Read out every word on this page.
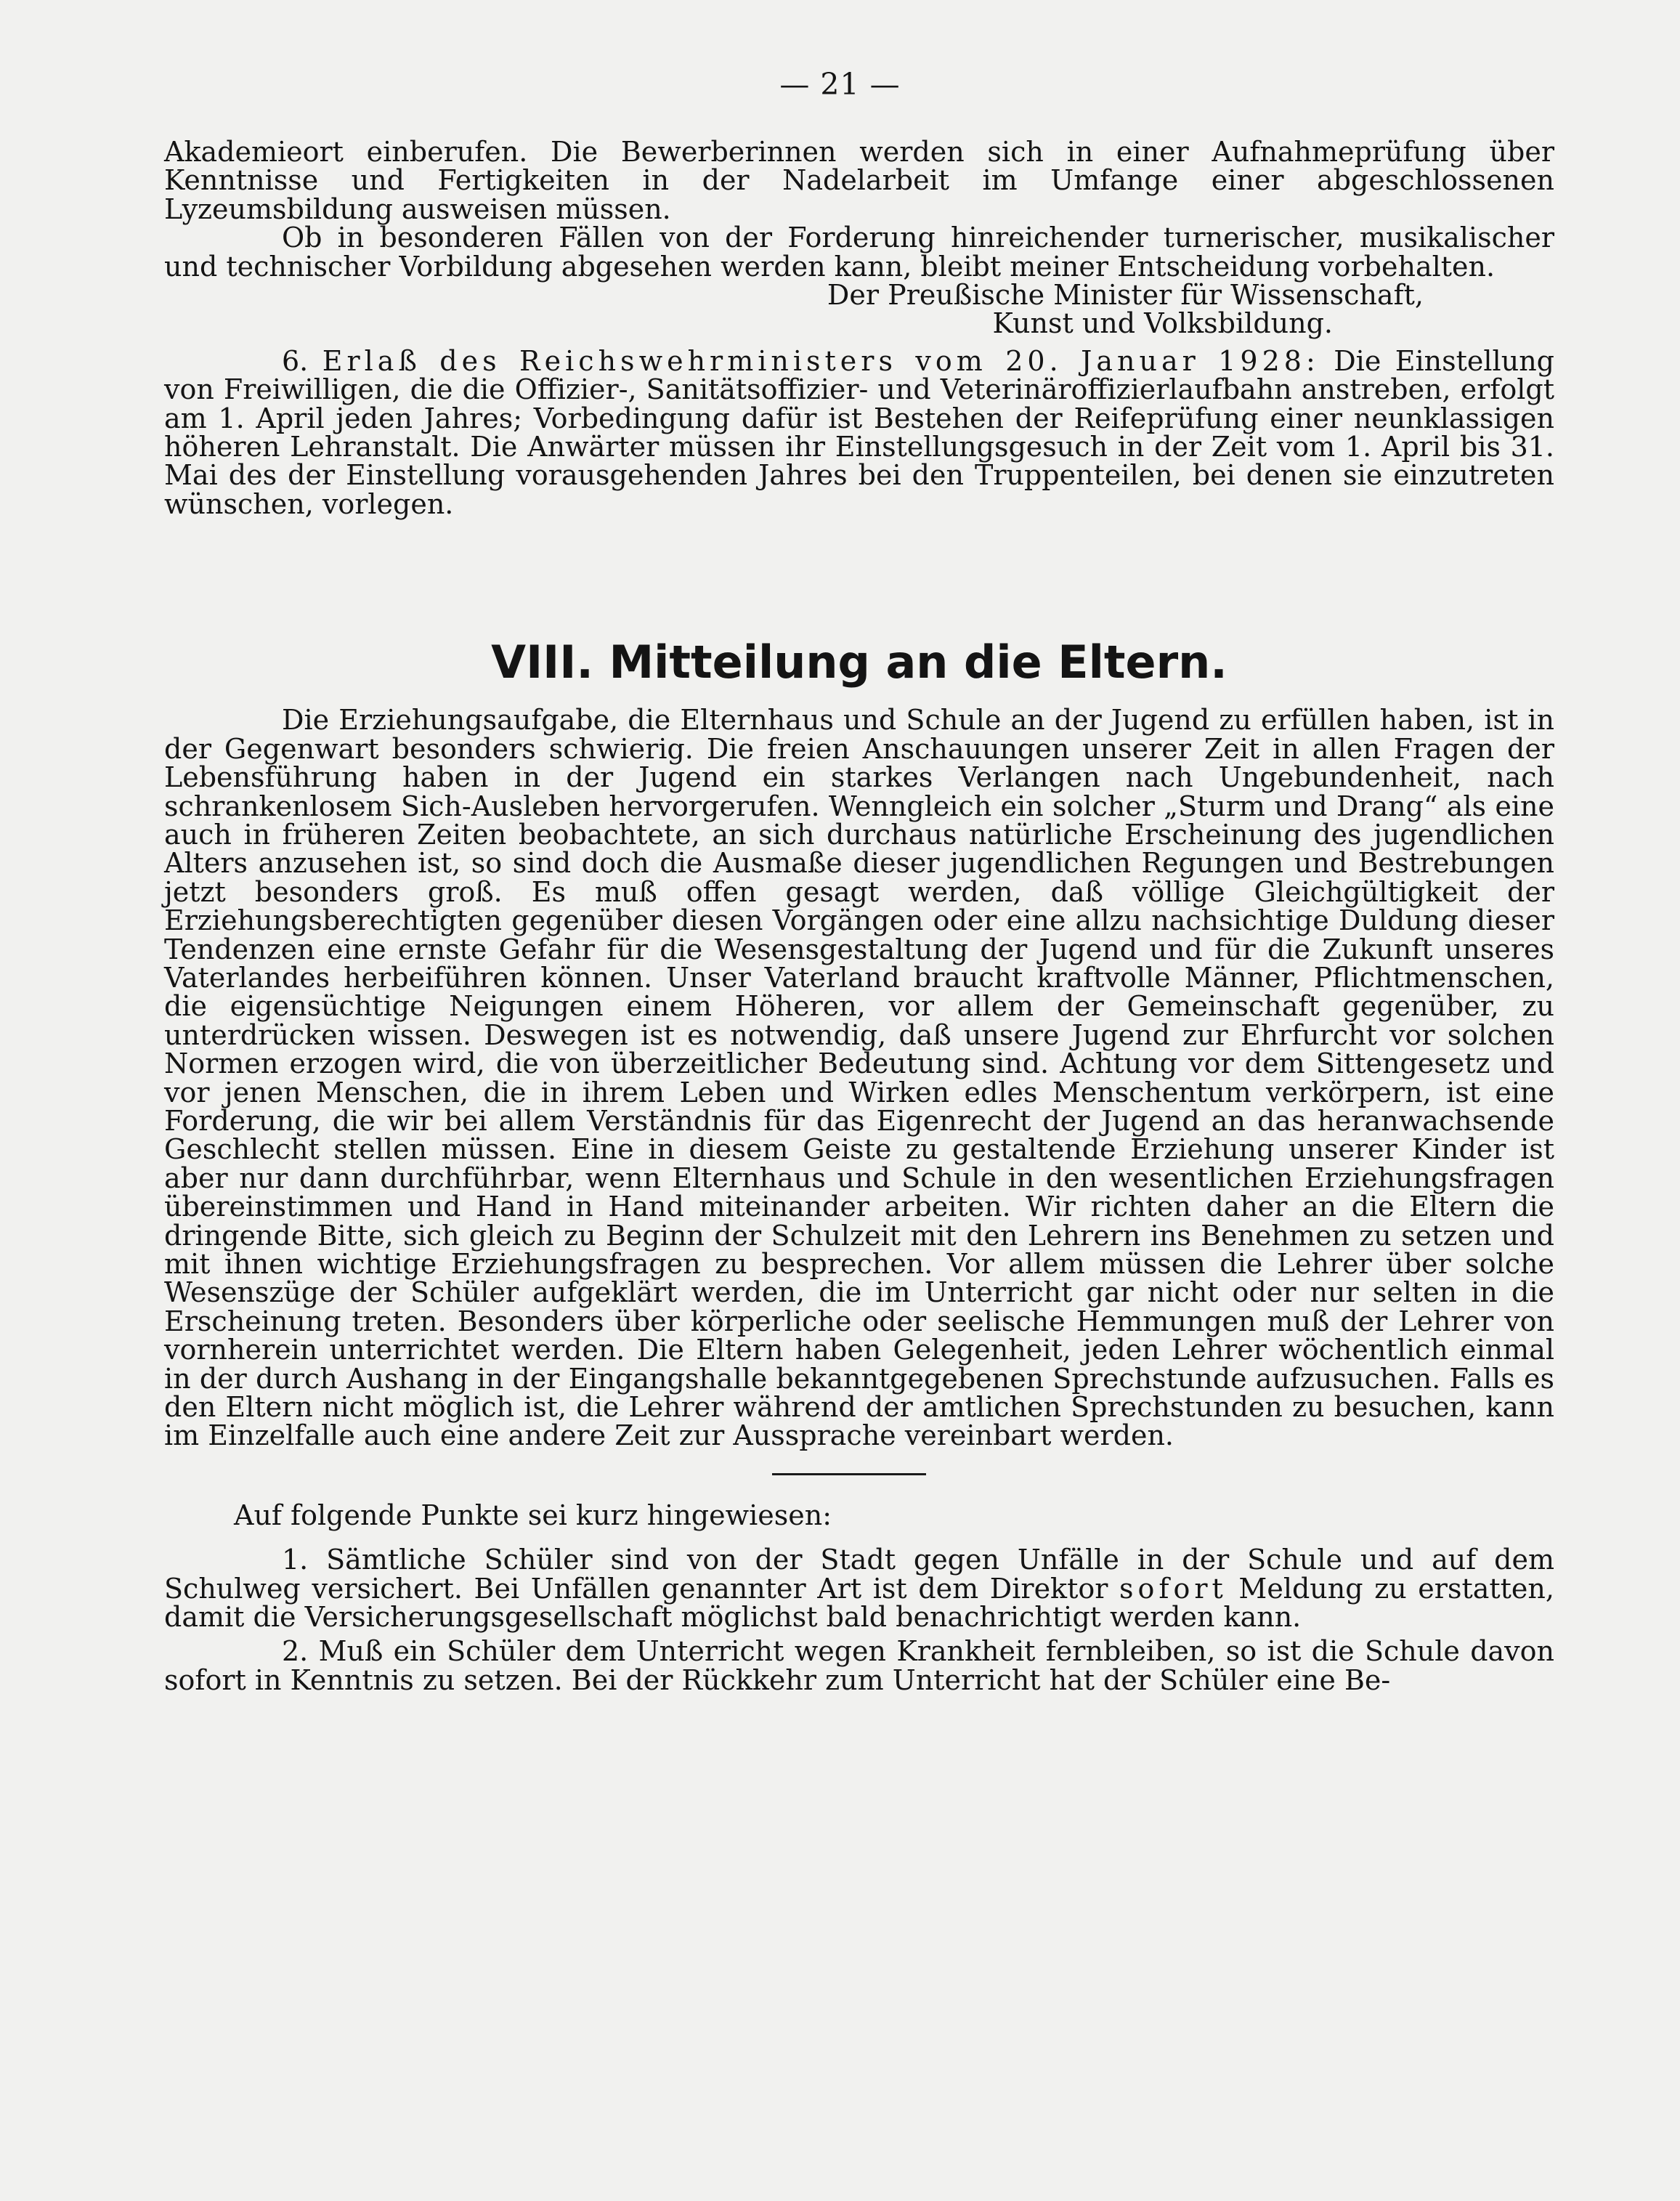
— 21 —

Akademieort einberufen. Die Bewerberinnen werden sich in einer Aufnahmeprüfung über Kenntnisse und Fertigkeiten in der Nadelarbeit im Umfange einer abgeschlossenen Lyzeumsbildung ausweisen müssen.

Ob in besonderen Fällen von der Forderung hinreichender turnerischer, musikalischer und technischer Vorbildung abgesehen werden kann, bleibt meiner Entscheidung vorbehalten.

Der Preußische Minister für Wissenschaft,

Kunst und Volksbildung.

6. Erlaß des Reichswehrministers vom 20. Januar 1928: Die Einstellung von Freiwilligen, die die Offizier-, Sanitätsoffizier- und Veterinäroffizierlaufbahn anstreben, erfolgt am 1. April jeden Jahres; Vorbedingung dafür ist Bestehen der Reifeprüfung einer neunklassigen höheren Lehranstalt. Die Anwärter müssen ihr Einstellungsgesuch in der Zeit vom 1. April bis 31. Mai des der Einstellung vorausgehenden Jahres bei den Truppenteilen, bei denen sie einzutreten wünschen, vorlegen.

VIII. Mitteilung an die Eltern.

Die Erziehungsaufgabe, die Elternhaus und Schule an der Jugend zu erfüllen haben, ist in der Gegenwart besonders schwierig. Die freien Anschauungen unserer Zeit in allen Fragen der Lebensführung haben in der Jugend ein starkes Verlangen nach Ungebundenheit, nach schrankenlosem Sich-Ausleben hervorgerufen. Wenngleich ein solcher „Sturm und Drang“ als eine auch in früheren Zeiten beobachtete, an sich durchaus natürliche Erscheinung des jugendlichen Alters anzusehen ist, so sind doch die Ausmaße dieser jugendlichen Regungen und Bestrebungen jetzt besonders groß. Es muß offen gesagt werden, daß völlige Gleichgültigkeit der Erziehungsberechtigten gegenüber diesen Vorgängen oder eine allzu nachsichtige Duldung dieser Tendenzen eine ernste Gefahr für die Wesensgestaltung der Jugend und für die Zukunft unseres Vaterlandes herbeiführen können. Unser Vaterland braucht kraftvolle Männer, Pflichtmenschen, die eigensüchtige Neigungen einem Höheren, vor allem der Gemeinschaft gegenüber, zu unterdrücken wissen. Deswegen ist es notwendig, daß unsere Jugend zur Ehrfurcht vor solchen Normen erzogen wird, die von überzeitlicher Bedeutung sind. Achtung vor dem Sittengesetz und vor jenen Menschen, die in ihrem Leben und Wirken edles Menschentum verkörpern, ist eine Forderung, die wir bei allem Verständnis für das Eigenrecht der Jugend an das heranwachsende Geschlecht stellen müssen. Eine in diesem Geiste zu gestaltende Erziehung unserer Kinder ist aber nur dann durchführbar, wenn Elternhaus und Schule in den wesentlichen Erziehungsfragen übereinstimmen und Hand in Hand miteinander arbeiten. Wir richten daher an die Eltern die dringende Bitte, sich gleich zu Beginn der Schulzeit mit den Lehrern ins Benehmen zu setzen und mit ihnen wichtige Erziehungsfragen zu besprechen. Vor allem müssen die Lehrer über solche Wesenszüge der Schüler aufgeklärt werden, die im Unterricht gar nicht oder nur selten in die Erscheinung treten. Besonders über körperliche oder seelische Hemmungen muß der Lehrer von vornherein unterrichtet werden. Die Eltern haben Gelegenheit, jeden Lehrer wöchentlich einmal in der durch Aushang in der Eingangshalle bekanntgegebenen Sprechstunde aufzusuchen. Falls es den Eltern nicht möglich ist, die Lehrer während der amtlichen Sprechstunden zu besuchen, kann im Einzelfalle auch eine andere Zeit zur Aussprache vereinbart werden.

Auf folgende Punkte sei kurz hingewiesen:

1. Sämtliche Schüler sind von der Stadt gegen Unfälle in der Schule und auf dem Schulweg versichert. Bei Unfällen genannter Art ist dem Direktor sofort Meldung zu erstatten, damit die Versicherungsgesellschaft möglichst bald benachrichtigt werden kann.

2. Muß ein Schüler dem Unterricht wegen Krankheit fernbleiben, so ist die Schule davon sofort in Kenntnis zu setzen. Bei der Rückkehr zum Unterricht hat der Schüler eine Be-
